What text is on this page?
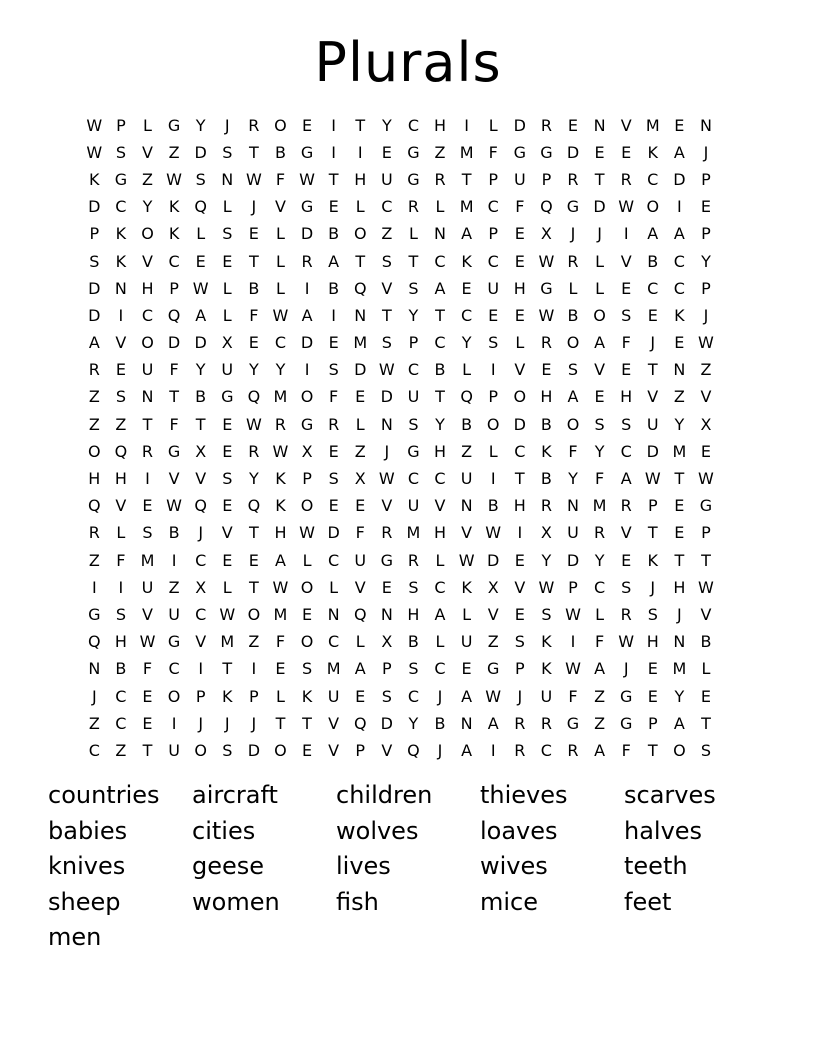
Plurals
W P	L G Y	J	R O E	I	T	Y	C H	I	L D R E N V M E N
W S	V Z D S	T	B G	I	I	E G Z M F G G D E	E	K A	J
K G Z W S N W F W T H U G R	T	P U P	R	T	R C D P
D C	Y	K Q L	J	V G E	L	C R	L M C	F Q G D W O	I	E
P	K O K	L	S	E	L D B O Z	L	N A	P	E	X	J	J	I	A A	P
S	K V C E	E	T	L	R A	T	S	T	C K C E W R	L	V B C	Y
D N H P W L	B	L	I	B Q V	S	A	E U H G L	L	E C C	P
D	I	C Q A	L	F W A	I	N T	Y	T	C E	E W B O S	E	K	J
A V O D D X	E C D E M S	P	C	Y	S	L	R O A	F	J	E W
R E U	F	Y U Y	Y	I	S D W C B	L	I	V	E	S	V	E	T N Z
Z	S N T	B G Q M O F	E D U T Q P O H A	E H V Z V
Z Z	T	F	T	E W R G R	L	N S	Y	B O D B O S	S U Y	X
O Q R G X	E R W X	E	Z	J	G H Z	L	C K	F	Y	C D M E
H H	I	V V	S	Y	K	P	S	X W C C U	I	T	B	Y	F	A W T W
Q V	E W Q E Q K O E	E	V U V N B H R N M R	P	E G
R	L	S	B	J	V	T H W D F	R M H V W	I	X U R V	T	E	P
Z	F M	I	C E	E	A	L	C U G R	L W D E	Y D Y	E	K	T	T
I	I	U Z X	L	T W O L	V	E	S C K X V W P	C S	J	H W
G S	V U C W O M E N Q N H A	L	V	E	S W L	R S	J	V
Q H W G V M Z	F O C	L	X B	L	U Z	S	K	I	F W H N B
N B	F	C	I	T	I	E	S M A	P	S C E G P	K W A	J	E M L
J	C E O P	K	P	L	K U E	S C	J	A W	J	U	F	Z G E	Y	E
Z C E	I	J	J	J	T	T	V Q D Y	B N A R R G Z G P	A	T
C Z	T U O S D O E	V	P	V Q	J	A	I	R C R A	F	T O S
countries	aircraft	children	thieves	scarves
babies	cities	wolves	loaves	halves
knives	geese	lives	wives	teeth
sheep	women	fish	mice	feet
men
